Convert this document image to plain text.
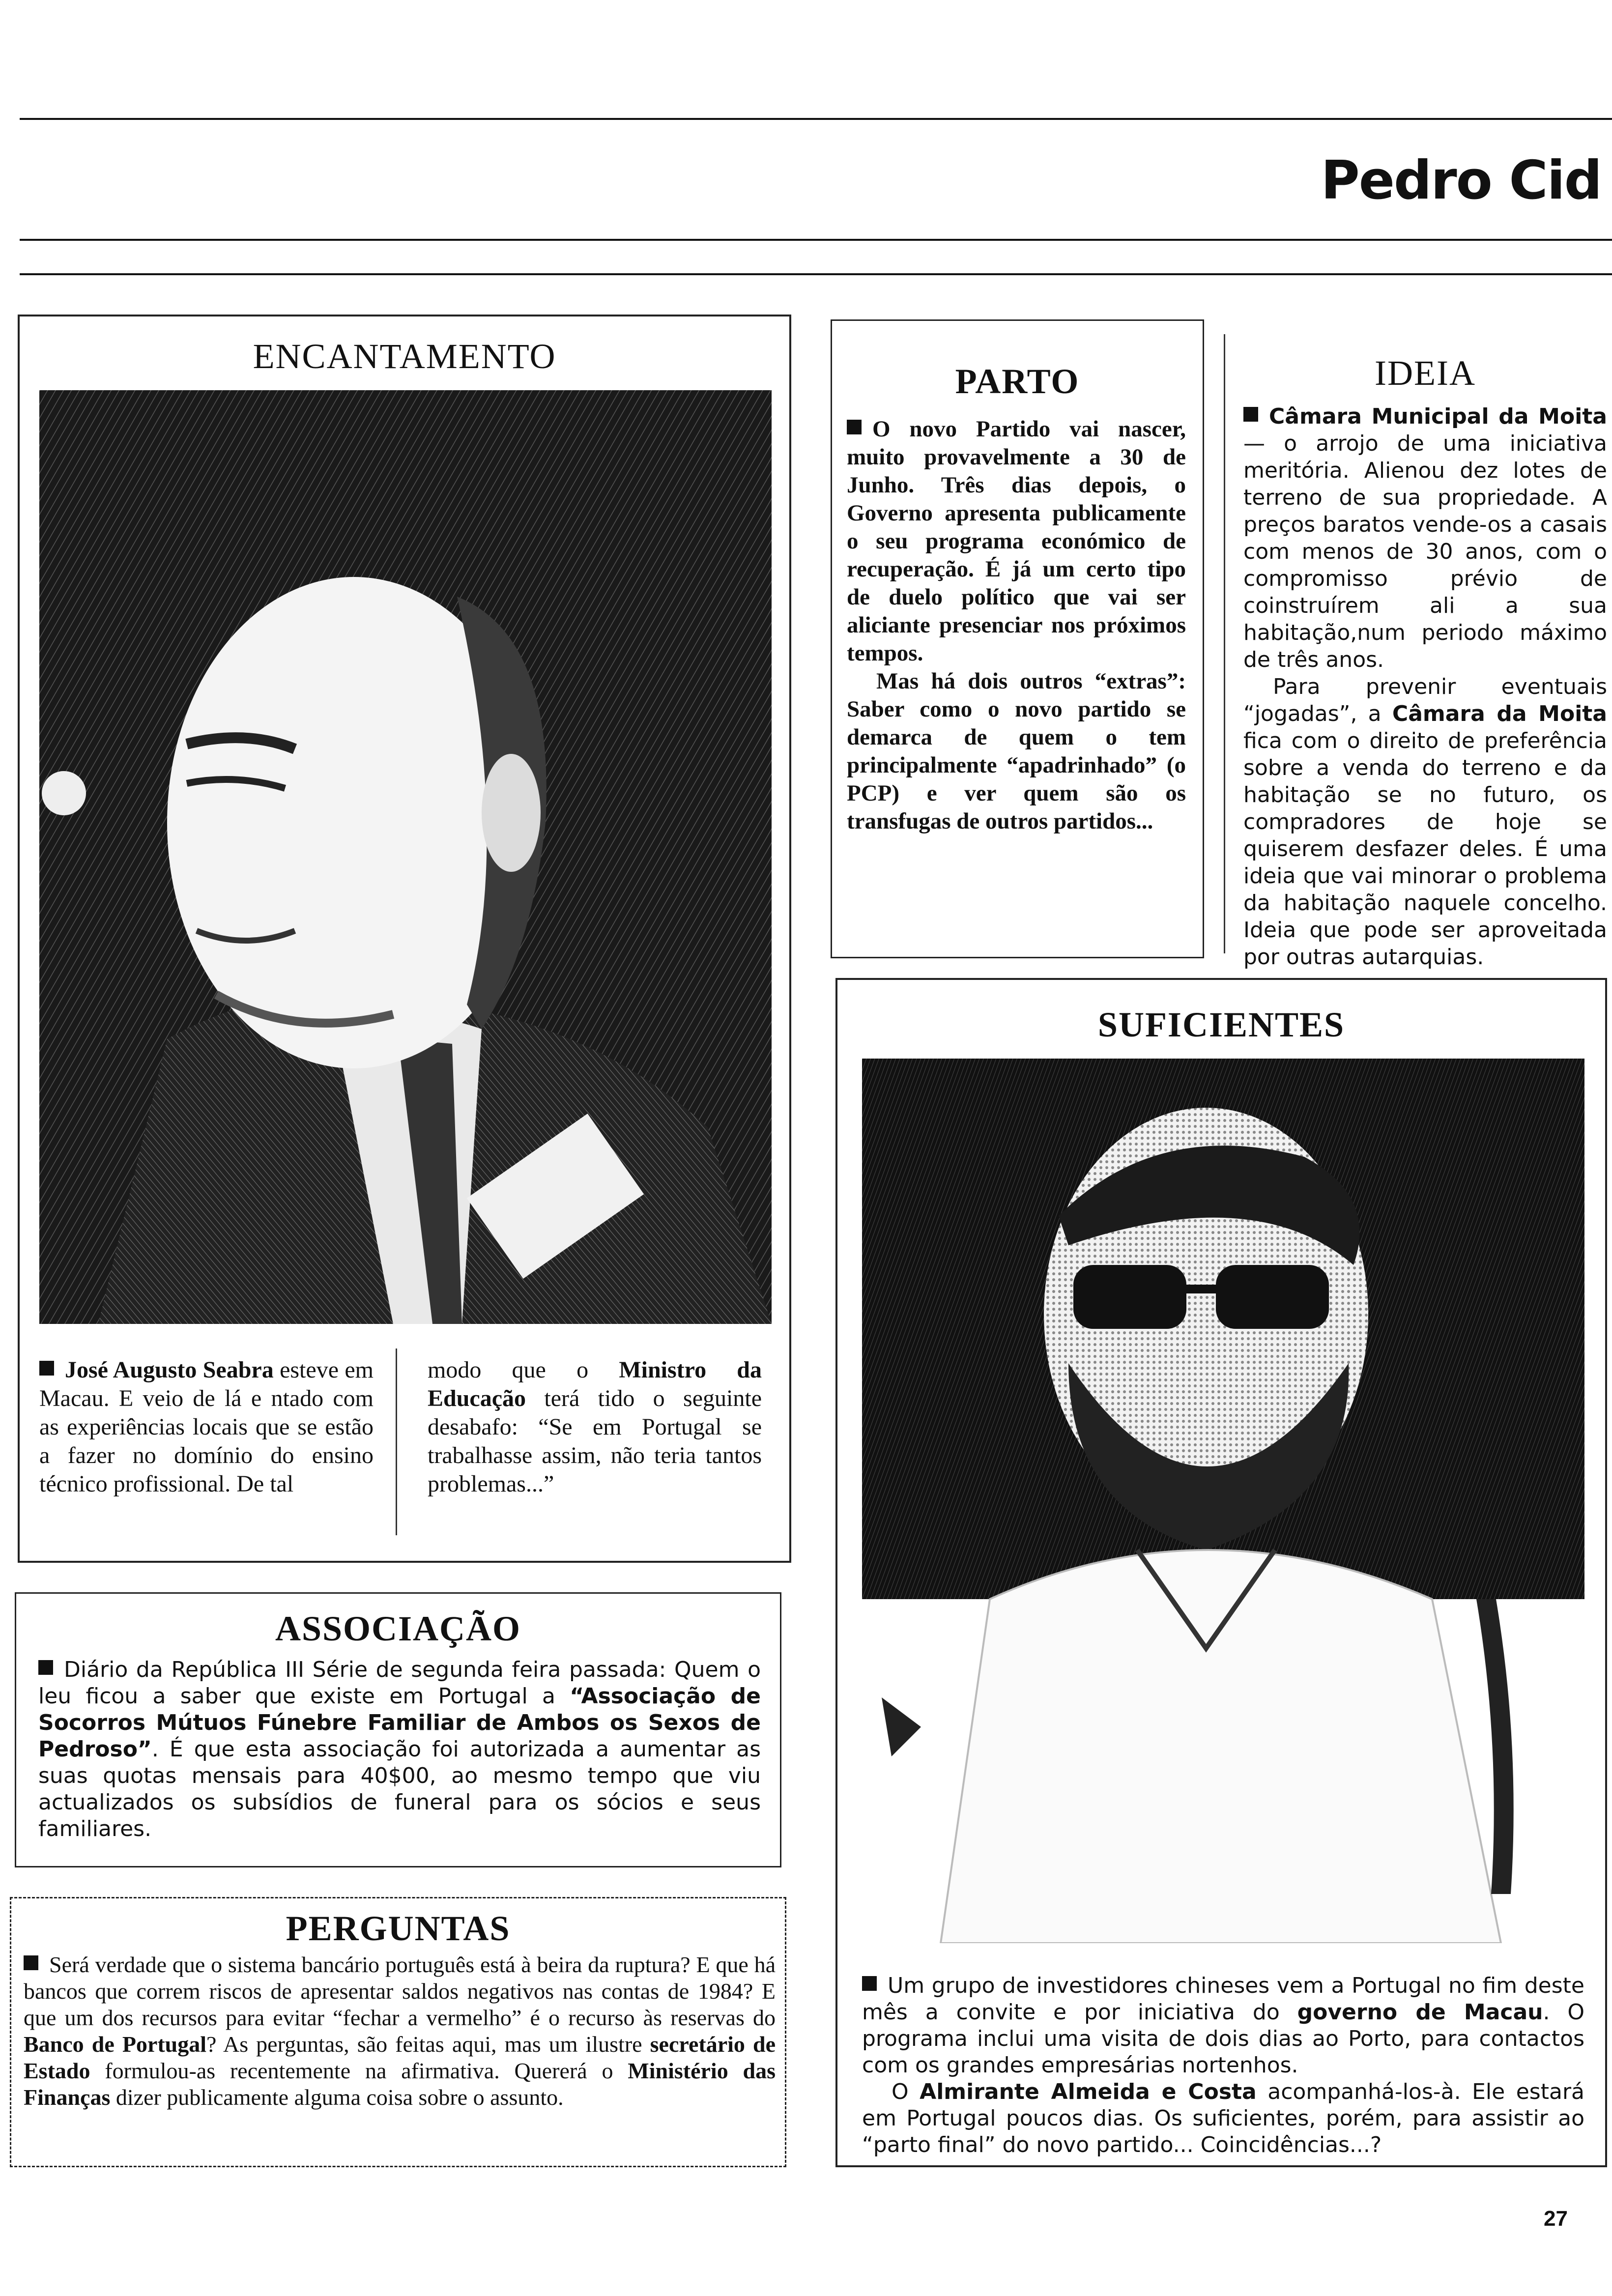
Pedro Cid
ENCANTAMENTO
José Augusto Seabra esteve em Macau. E veio de lá e ntado com as experiências locais que se estão a fazer no domínio do ensino técnico profissional. De tal
modo que o Ministro da Educação terá tido o seguinte desabafo: “Se em Portugal se trabalhasse assim, não teria tantos problemas...”
PARTO
O novo Partido vai nascer, muito provavelmente a 30 de Junho. Três dias depois, o Governo apresenta publicamente o seu programa económico de recuperação. É já um certo tipo de duelo político que vai ser aliciante presenciar nos próximos tempos.
Mas há dois outros “extras”: Saber como o novo partido se demarca de quem o tem principalmente “apadrinhado” (o PCP) e ver quem são os transfugas de outros partidos...
IDEIA
Câmara Municipal da Moita — o arrojo de uma iniciativa meritória. Alienou dez lotes de terreno de sua propriedade. A preços baratos vende-os a casais com menos de 30 anos, com o compromisso prévio de coinstruírem ali a sua habitação,num periodo máximo de três anos.
Para prevenir eventuais “jogadas”, a Câmara da Moita fica com o direito de preferência sobre a venda do terreno e da habitação se no futuro, os compradores de hoje se quiserem desfazer deles. É uma ideia que vai minorar o problema da habitação naquele concelho. Ideia que pode ser aproveitada por outras autarquias.
SUFICIENTES
Um grupo de investidores chineses vem a Portugal no fim deste mês a convite e por iniciativa do governo de Macau. O programa inclui uma visita de dois dias ao Porto, para contactos com os grandes empresárias nortenhos.
O Almirante Almeida e Costa acompanhá-los-à. Ele estará em Portugal poucos dias. Os suficientes, porém, para assistir ao “parto final” do novo partido... Coincidências...?
ASSOCIAÇÃO
Diário da República III Série de segunda feira passada: Quem o leu ficou a saber que existe em Portugal a “Associação de Socorros Mútuos Fúnebre Familiar de Ambos os Sexos de Pedroso”. É que esta associação foi autorizada a aumentar as suas quotas mensais para 40$00, ao mesmo tempo que viu actualizados os subsídios de funeral para os sócios e seus familiares.
PERGUNTAS
Será verdade que o sistema bancário português está à beira da ruptura? E que há bancos que correm riscos de apresentar saldos negativos nas contas de 1984? E que um dos recursos para evitar “fechar a vermelho” é o recurso às reservas do Banco de Portugal? As perguntas, são feitas aqui, mas um ilustre secretário de Estado formulou-as recentemente na afirmativa. Quererá o Ministério das Finanças dizer publicamente alguma coisa sobre o assunto.
27
